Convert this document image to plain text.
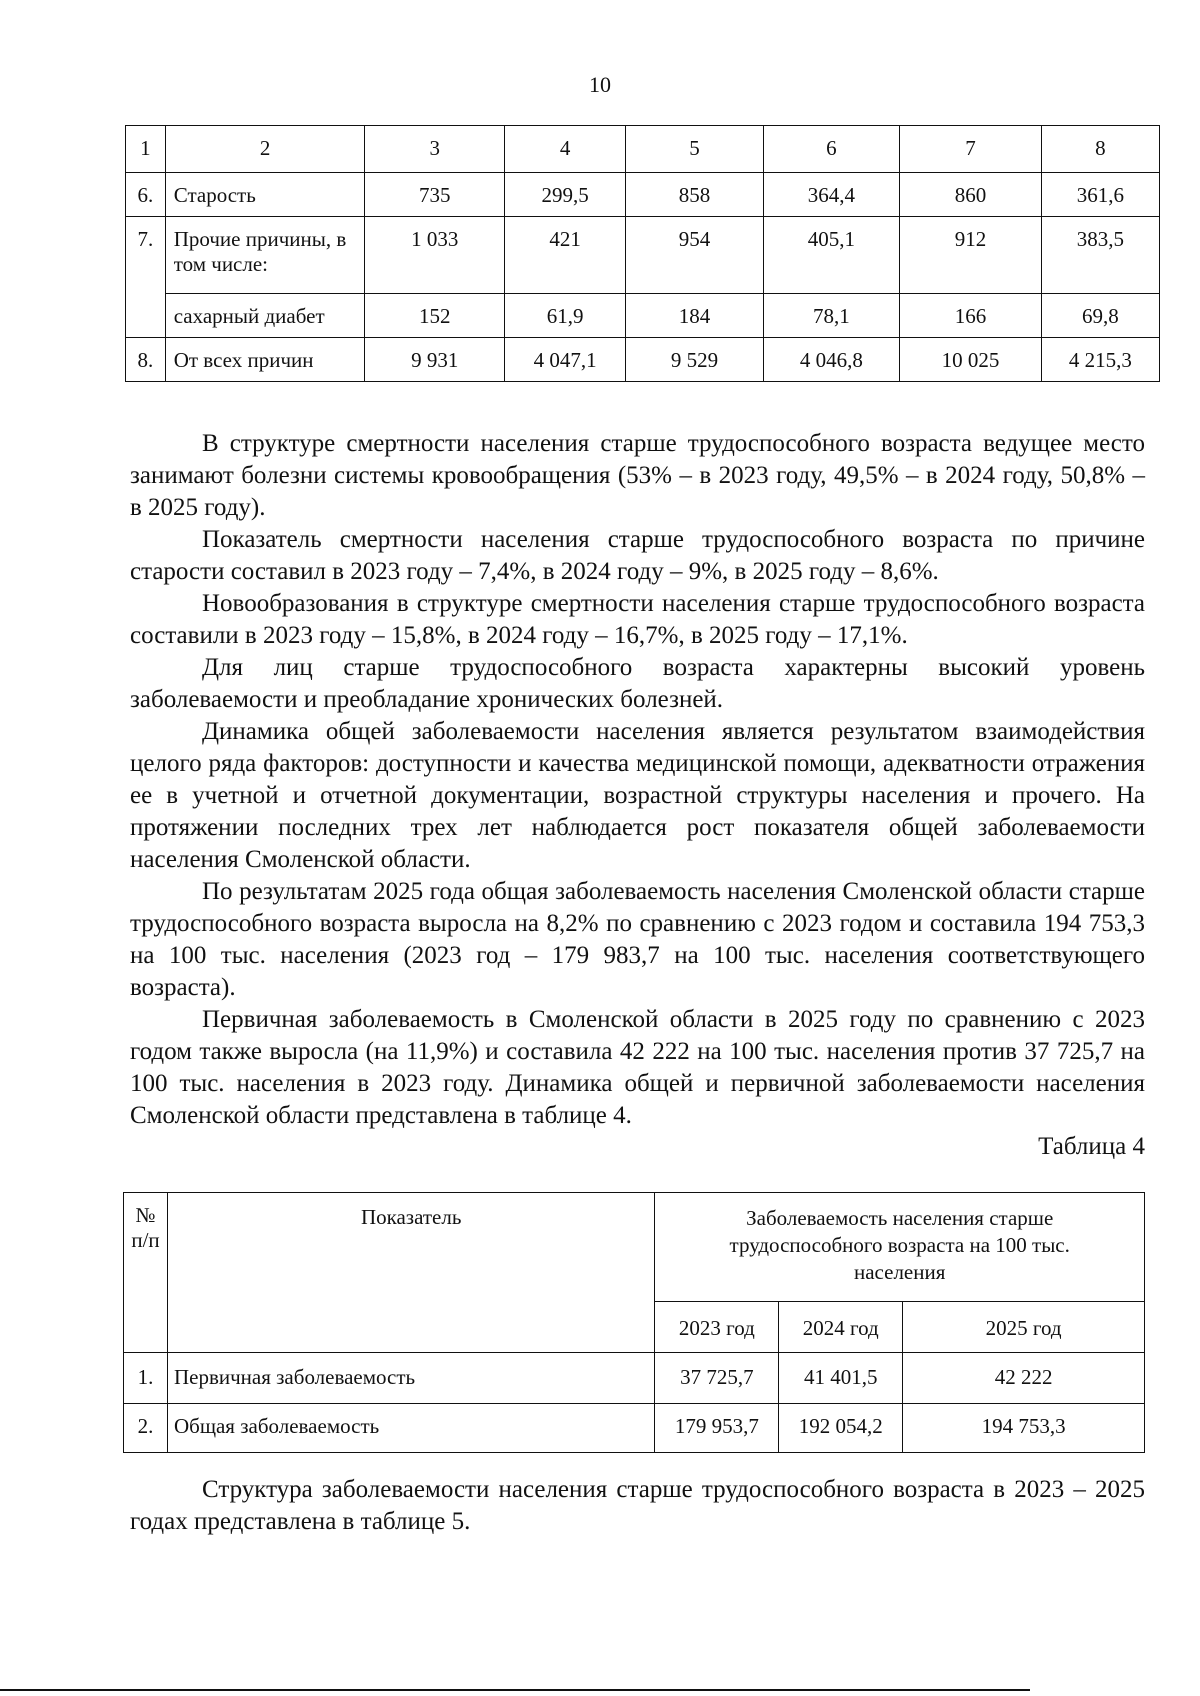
10
1	2	3	4	5	6	7	8
6.	Старость	735	299,5	858	364,4	860	361,6
7.	Прочие причины, в том числе:	1 033	421	954	405,1	912	383,5
	сахарный диабет	152	61,9	184	78,1	166	69,8
8.	От всех причин	9 931	4 047,1	9 529	4 046,8	10 025	4 215,3

В структуре смертности населения старше трудоспособного возраста ведущее место занимают болезни системы кровообращения (53% – в 2023 году, 49,5% – в 2024 году, 50,8% – в 2025 году).

Показатель смертности населения старше трудоспособного возраста по причине старости составил в 2023 году – 7,4%, в 2024 году – 9%, в 2025 году – 8,6%.

Новообразования в структуре смертности населения старше трудоспособного возраста составили в 2023 году – 15,8%, в 2024 году – 16,7%, в 2025 году – 17,1%.

Для лиц старше трудоспособного возраста характерны высокий уровень заболеваемости и преобладание хронических болезней.

Динамика общей заболеваемости населения является результатом взаимодействия целого ряда факторов: доступности и качества медицинской помощи, адекватности отражения ее в учетной и отчетной документации, возрастной структуры населения и прочего. На протяжении последних трех лет наблюдается рост показателя общей заболеваемости населения Смоленской области.

По результатам 2025 года общая заболеваемость населения Смоленской области старше трудоспособного возраста выросла на 8,2% по сравнению с 2023 годом и составила 194 753,3 на 100 тыс. населения (2023 год – 179 983,7 на 100 тыс. населения соответствующего возраста).

Первичная заболеваемость в Смоленской области в 2025 году по сравнению с 2023 годом также выросла (на 11,9%) и составила 42 222 на 100 тыс. населения против 37 725,7 на 100 тыс. населения в 2023 году. Динамика общей и первичной заболеваемости населения Смоленской области представлена в таблице 4.

Таблица 4
№ п/п	Показатель	Заболеваемость населения старше трудоспособного возраста на 100 тыс. населения		
		2023 год	2024 год	2025 год
1.	Первичная заболеваемость	37 725,7	41 401,5	42 222
2.	Общая заболеваемость	179 953,7	192 054,2	194 753,3

Структура заболеваемости населения старше трудоспособного возраста в 2023 – 2025 годах представлена в таблице 5.
